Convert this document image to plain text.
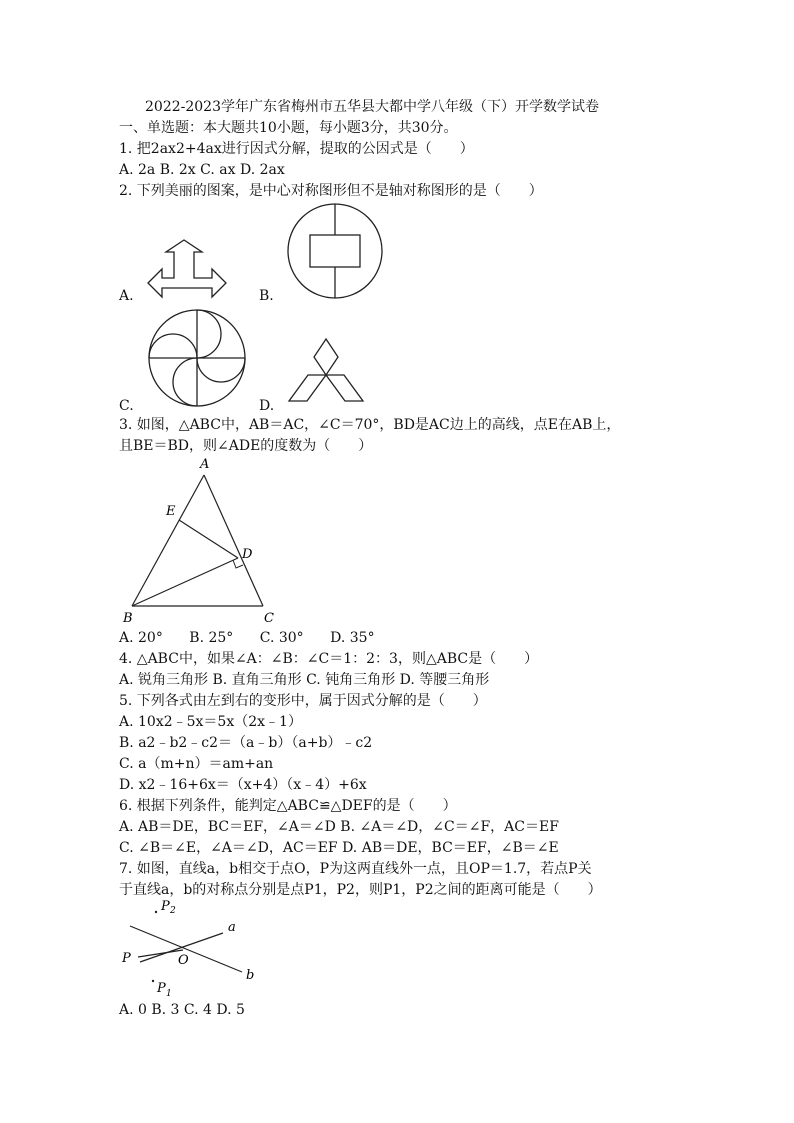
2022-2023学年广东省梅州市五华县大都中学八年级（下）开学数学试卷
一、单选题：本大题共10小题，每小题3分，共30分。
1. 把2ax2+4ax进行因式分解，提取的公因式是（　　）
A. 2a B. 2x C. ax D. 2ax
2. 下列美丽的图案，是中心对称图形但不是轴对称图形的是（　　）
A.	B.
C.	D.
3. 如图，△ABC中，AB＝AC，∠C＝70°，BD是AC边上的高线，点E在AB上，
且BE＝BD，则∠ADE的度数为（　　）
A
E
D
B	C
A. 20° B. 25° C. 30° D. 35°
4. △ABC中，如果∠A：∠B：∠C＝1：2：3，则△ABC是（　　）
A. 锐角三角形 B. 直角三角形 C. 钝角三角形 D. 等腰三角形
5. 下列各式由左到右的变形中，属于因式分解的是（　　）
A. 10x2﹣5x＝5x（2x﹣1）
B. a2﹣b2﹣c2＝（a﹣b）（a+b）﹣c2
C. a（m+n）＝am+an
D. x2﹣16+6x＝（x+4）（x﹣4）+6x
6. 根据下列条件，能判定△ABC≌△DEF的是（　　）
A. AB＝DE，BC＝EF，∠A＝∠D B. ∠A＝∠D，∠C＝∠F，AC＝EF
C. ∠B＝∠E，∠A＝∠D，AC＝EF D. AB＝DE，BC＝EF，∠B＝∠E
7. 如图，直线a，b相交于点O，P为这两直线外一点，且OP＝1.7，若点P关
于直线a，b的对称点分别是点P1，P2，则P1，P2之间的距离可能是（　　）
P 2
a
P	O
b
P 1
A. 0 B. 3 C. 4 D. 5
